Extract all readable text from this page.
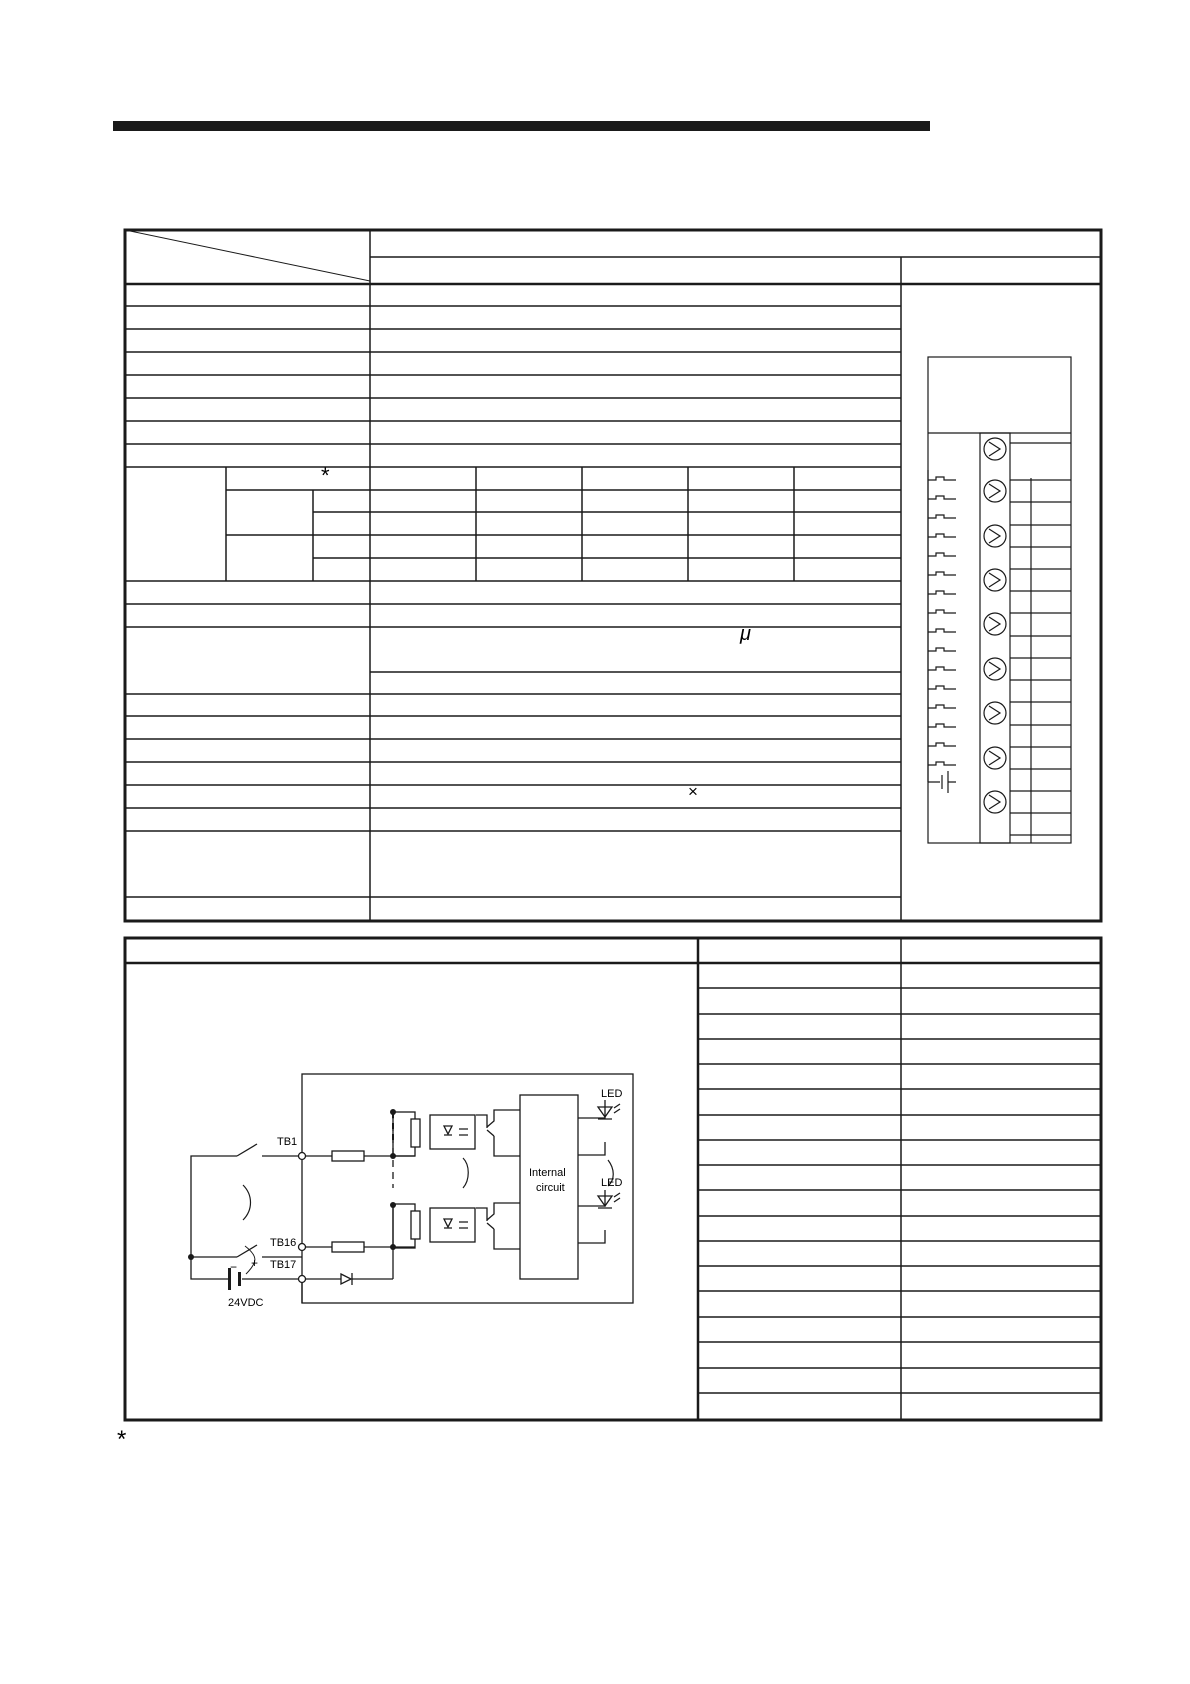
TB1
TB16
TB17
24VDC
Internal
circuit
LED
LED
− +
*
μ
×
*
